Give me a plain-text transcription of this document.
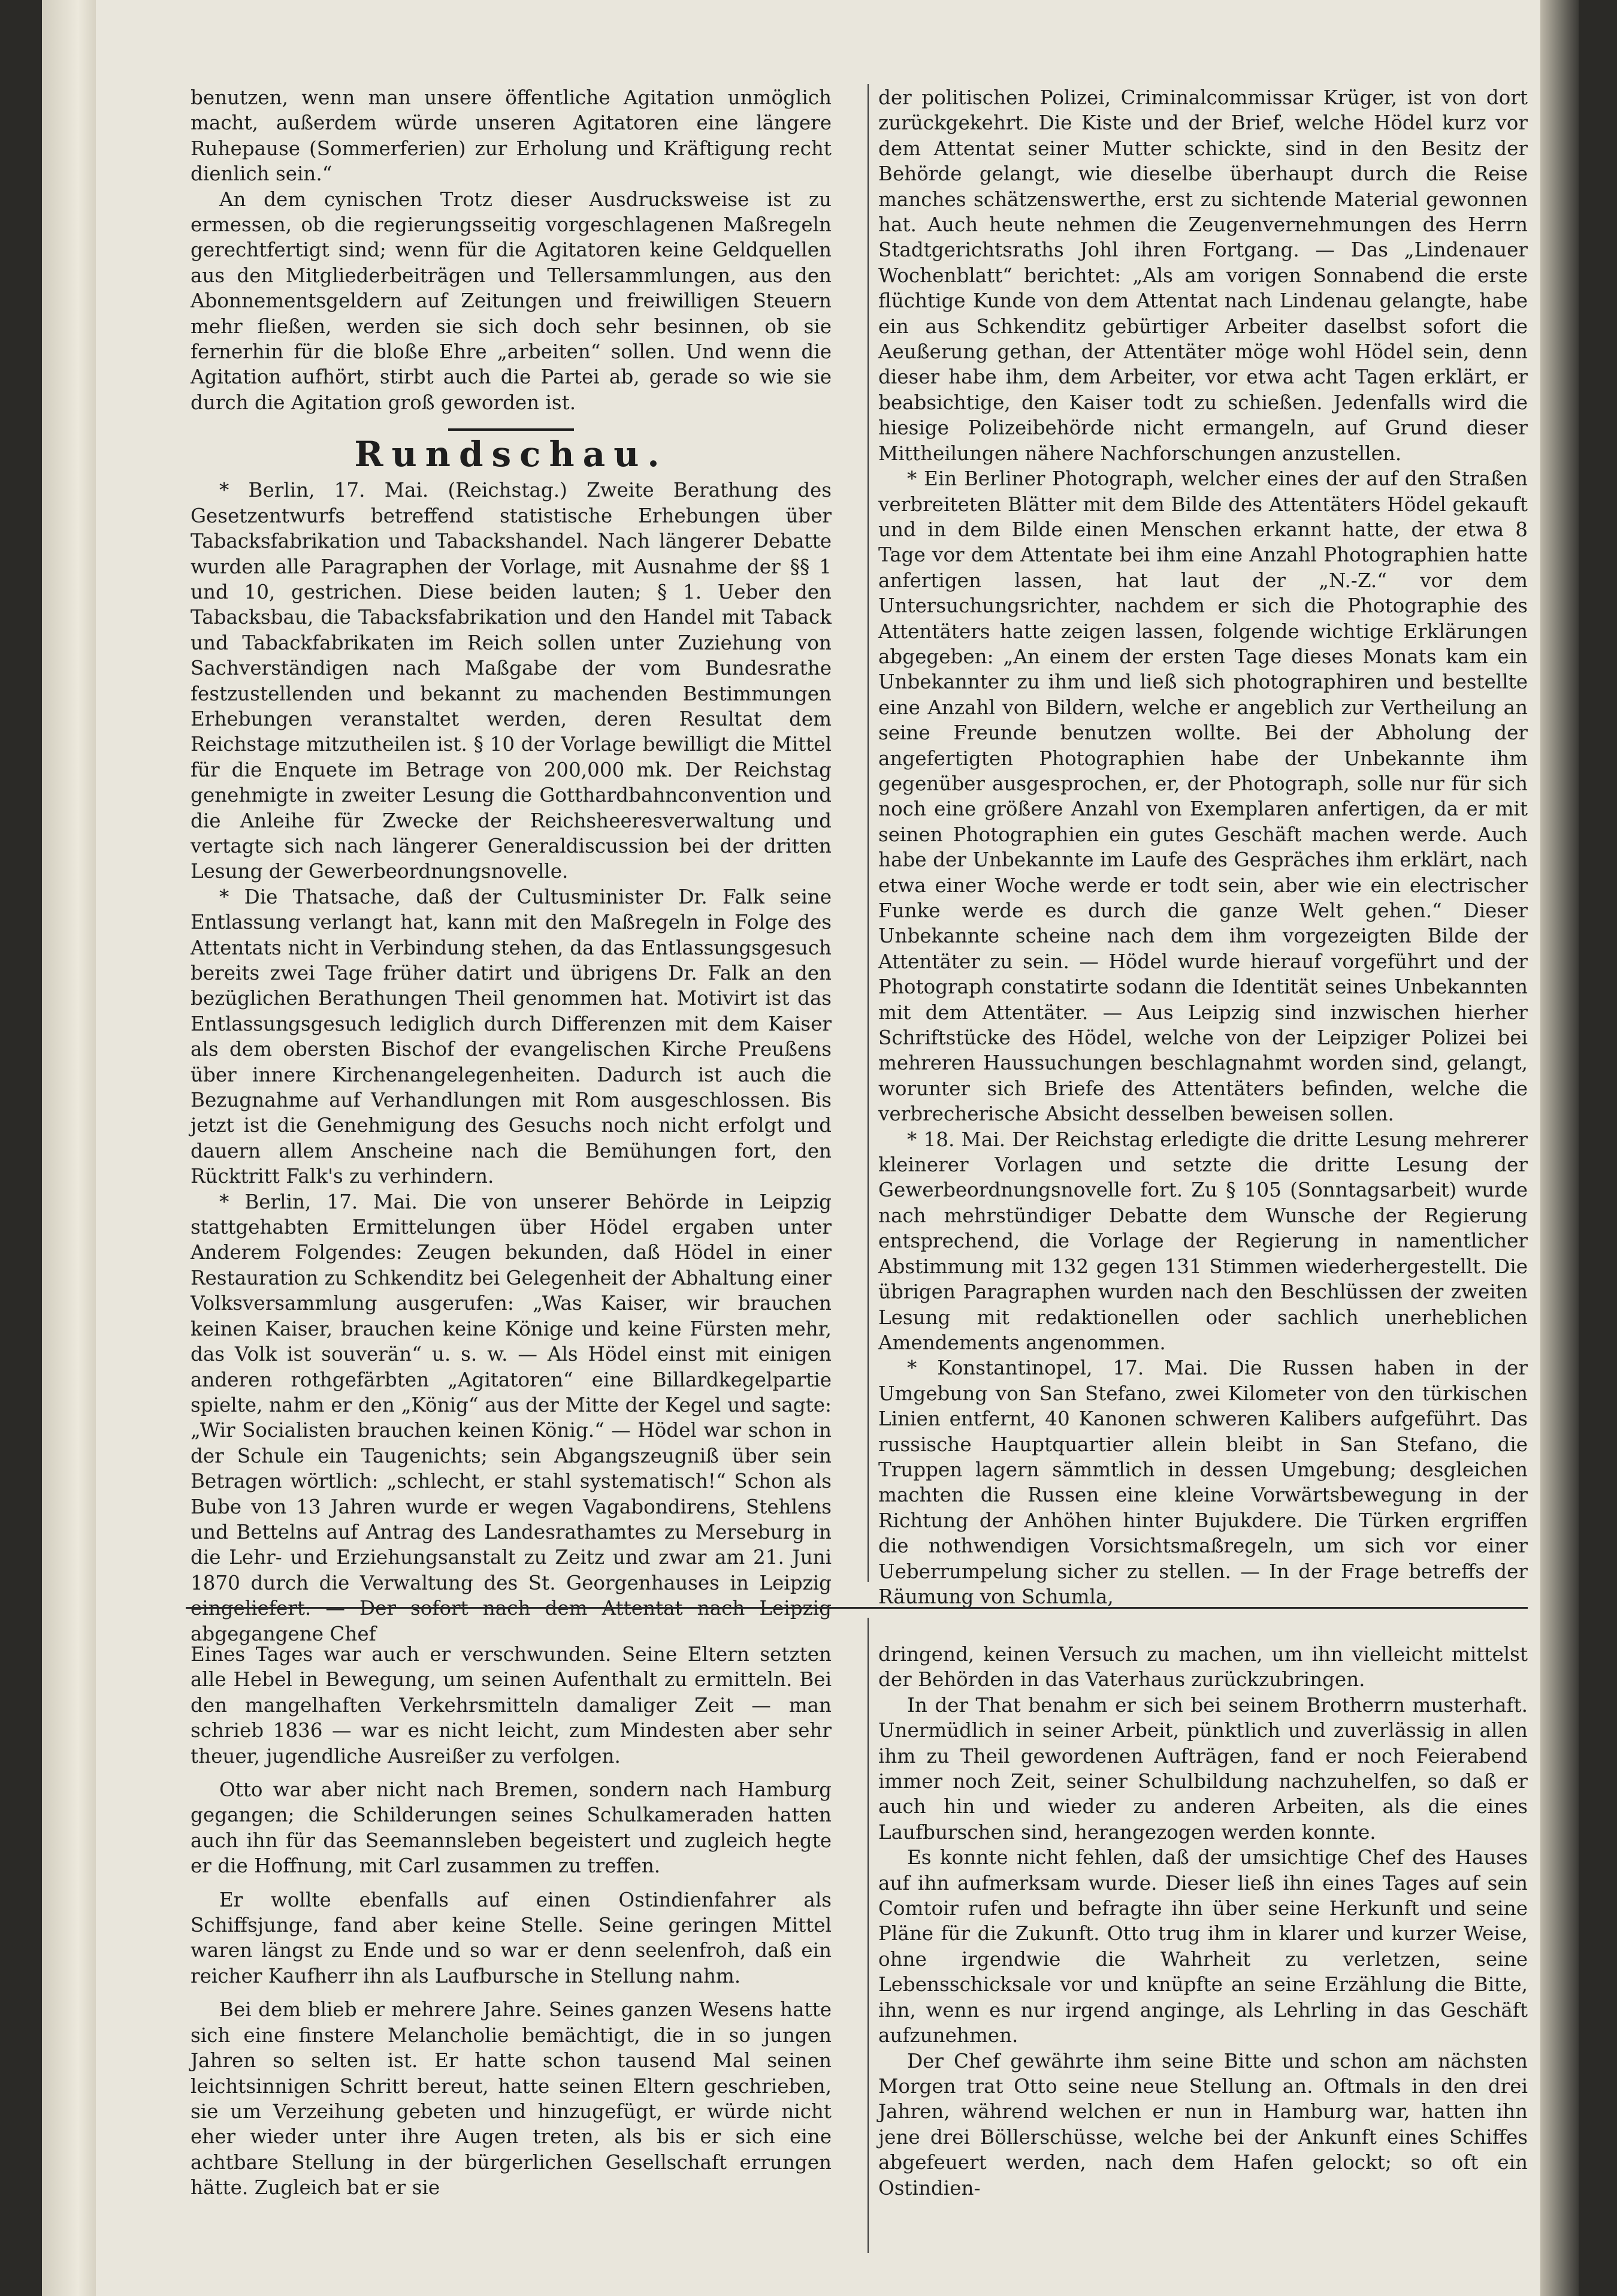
benutzen, wenn man unsere öffentliche Agitation unmöglich macht, außerdem würde unseren Agitatoren eine längere Ruhepause (Sommerferien) zur Erholung und Kräftigung recht dienlich sein.“

An dem cynischen Trotz dieser Ausdrucksweise ist zu ermessen, ob die regierungsseitig vorgeschlagenen Maßregeln gerechtfertigt sind; wenn für die Agitatoren keine Geldquellen aus den Mitgliederbeiträgen und Tellersammlungen, aus den Abonnementsgeldern auf Zeitungen und freiwilligen Steuern mehr fließen, werden sie sich doch sehr besinnen, ob sie fernerhin für die bloße Ehre „arbeiten“ sollen. Und wenn die Agitation aufhört, stirbt auch die Partei ab, gerade so wie sie durch die Agitation groß geworden ist.

Rundschau.

* Berlin, 17. Mai. (Reichstag.) Zweite Berathung des Gesetzentwurfs betreffend statistische Erhebungen über Tabacksfabrikation und Tabackshandel. Nach längerer Debatte wurden alle Paragraphen der Vorlage, mit Ausnahme der §§ 1 und 10, gestrichen. Diese beiden lauten; § 1. Ueber den Tabacksbau, die Tabacksfabrikation und den Handel mit Taback und Tabackfabrikaten im Reich sollen unter Zuziehung von Sachverständigen nach Maßgabe der vom Bundesrathe festzustellenden und bekannt zu machenden Bestimmungen Erhebungen veranstaltet werden, deren Resultat dem Reichstage mitzutheilen ist. § 10 der Vorlage bewilligt die Mittel für die Enquete im Betrage von 200,000 mk. Der Reichstag genehmigte in zweiter Lesung die Gotthardbahnconvention und die Anleihe für Zwecke der Reichsheeresverwaltung und vertagte sich nach längerer Generaldiscussion bei der dritten Lesung der Gewerbeordnungsnovelle.

* Die Thatsache, daß der Cultusminister Dr. Falk seine Entlassung verlangt hat, kann mit den Maßregeln in Folge des Attentats nicht in Verbindung stehen, da das Entlassungsgesuch bereits zwei Tage früher datirt und übrigens Dr. Falk an den bezüglichen Berathungen Theil genommen hat. Motivirt ist das Entlassungsgesuch lediglich durch Differenzen mit dem Kaiser als dem obersten Bischof der evangelischen Kirche Preußens über innere Kirchenangelegenheiten. Dadurch ist auch die Bezugnahme auf Verhandlungen mit Rom ausgeschlossen. Bis jetzt ist die Genehmigung des Gesuchs noch nicht erfolgt und dauern allem Anscheine nach die Bemühungen fort, den Rücktritt Falk's zu verhindern.

* Berlin, 17. Mai. Die von unserer Behörde in Leipzig stattgehabten Ermittelungen über Hödel ergaben unter Anderem Folgendes: Zeugen bekunden, daß Hödel in einer Restauration zu Schkenditz bei Gelegenheit der Abhaltung einer Volksversammlung ausgerufen: „Was Kaiser, wir brauchen keinen Kaiser, brauchen keine Könige und keine Fürsten mehr, das Volk ist souverän“ u. s. w. — Als Hödel einst mit einigen anderen rothgefärbten „Agitatoren“ eine Billardkegelpartie spielte, nahm er den „König“ aus der Mitte der Kegel und sagte: „Wir Socialisten brauchen keinen König.“ — Hödel war schon in der Schule ein Taugenichts; sein Abgangszeugniß über sein Betragen wörtlich: „schlecht, er stahl systematisch!“ Schon als Bube von 13 Jahren wurde er wegen Vagabondirens, Stehlens und Bettelns auf Antrag des Landesrathamtes zu Merseburg in die Lehr- und Erziehungsanstalt zu Zeitz und zwar am 21. Juni 1870 durch die Verwaltung des St. Georgenhauses in Leipzig eingeliefert. — Der sofort nach dem Attentat nach Leipzig abgegangene Chef

der politischen Polizei, Criminalcommissar Krüger, ist von dort zurückgekehrt. Die Kiste und der Brief, welche Hödel kurz vor dem Attentat seiner Mutter schickte, sind in den Besitz der Behörde gelangt, wie dieselbe überhaupt durch die Reise manches schätzenswerthe, erst zu sichtende Material gewonnen hat. Auch heute nehmen die Zeugenvernehmungen des Herrn Stadtgerichtsraths Johl ihren Fortgang. — Das „Lindenauer Wochenblatt“ berichtet: „Als am vorigen Sonnabend die erste flüchtige Kunde von dem Attentat nach Lindenau gelangte, habe ein aus Schkenditz gebürtiger Arbeiter daselbst sofort die Aeußerung gethan, der Attentäter möge wohl Hödel sein, denn dieser habe ihm, dem Arbeiter, vor etwa acht Tagen erklärt, er beabsichtige, den Kaiser todt zu schießen. Jedenfalls wird die hiesige Polizeibehörde nicht ermangeln, auf Grund dieser Mittheilungen nähere Nachforschungen anzustellen.

* Ein Berliner Photograph, welcher eines der auf den Straßen verbreiteten Blätter mit dem Bilde des Attentäters Hödel gekauft und in dem Bilde einen Menschen erkannt hatte, der etwa 8 Tage vor dem Attentate bei ihm eine Anzahl Photographien hatte anfertigen lassen, hat laut der „N.-Z.“ vor dem Untersuchungsrichter, nachdem er sich die Photographie des Attentäters hatte zeigen lassen, folgende wichtige Erklärungen abgegeben: „An einem der ersten Tage dieses Monats kam ein Unbekannter zu ihm und ließ sich photographiren und bestellte eine Anzahl von Bildern, welche er angeblich zur Vertheilung an seine Freunde benutzen wollte. Bei der Abholung der angefertigten Photographien habe der Unbekannte ihm gegenüber ausgesprochen, er, der Photograph, solle nur für sich noch eine größere Anzahl von Exemplaren anfertigen, da er mit seinen Photographien ein gutes Geschäft machen werde. Auch habe der Unbekannte im Laufe des Gespräches ihm erklärt, nach etwa einer Woche werde er todt sein, aber wie ein electrischer Funke werde es durch die ganze Welt gehen.“ Dieser Unbekannte scheine nach dem ihm vorgezeigten Bilde der Attentäter zu sein. — Hödel wurde hierauf vorgeführt und der Photograph constatirte sodann die Identität seines Unbekannten mit dem Attentäter. — Aus Leipzig sind inzwischen hierher Schriftstücke des Hödel, welche von der Leipziger Polizei bei mehreren Haussuchungen beschlagnahmt worden sind, gelangt, worunter sich Briefe des Attentäters befinden, welche die verbrecherische Absicht desselben beweisen sollen.

* 18. Mai. Der Reichstag erledigte die dritte Lesung mehrerer kleinerer Vorlagen und setzte die dritte Lesung der Gewerbeordnungsnovelle fort. Zu § 105 (Sonntagsarbeit) wurde nach mehrstündiger Debatte dem Wunsche der Regierung entsprechend, die Vorlage der Regierung in namentlicher Abstimmung mit 132 gegen 131 Stimmen wiederhergestellt. Die übrigen Paragraphen wurden nach den Beschlüssen der zweiten Lesung mit redaktionellen oder sachlich unerheblichen Amendements angenommen.

* Konstantinopel, 17. Mai. Die Russen haben in der Umgebung von San Stefano, zwei Kilometer von den türkischen Linien entfernt, 40 Kanonen schweren Kalibers aufgeführt. Das russische Hauptquartier allein bleibt in San Stefano, die Truppen lagern sämmtlich in dessen Umgebung; desgleichen machten die Russen eine kleine Vorwärtsbewegung in der Richtung der Anhöhen hinter Bujukdere. Die Türken ergriffen die nothwendigen Vorsichtsmaßregeln, um sich vor einer Ueberrumpelung sicher zu stellen. — In der Frage betreffs der Räumung von Schumla,

Eines Tages war auch er verschwunden. Seine Eltern setzten alle Hebel in Bewegung, um seinen Aufenthalt zu ermitteln. Bei den mangelhaften Verkehrsmitteln damaliger Zeit — man schrieb 1836 — war es nicht leicht, zum Mindesten aber sehr theuer, jugendliche Ausreißer zu verfolgen.

Otto war aber nicht nach Bremen, sondern nach Hamburg gegangen; die Schilderungen seines Schulkameraden hatten auch ihn für das Seemannsleben begeistert und zugleich hegte er die Hoffnung, mit Carl zusammen zu treffen.

Er wollte ebenfalls auf einen Ostindienfahrer als Schiffsjunge, fand aber keine Stelle. Seine geringen Mittel waren längst zu Ende und so war er denn seelenfroh, daß ein reicher Kaufherr ihn als Laufbursche in Stellung nahm.

Bei dem blieb er mehrere Jahre. Seines ganzen Wesens hatte sich eine finstere Melancholie bemächtigt, die in so jungen Jahren so selten ist. Er hatte schon tausend Mal seinen leichtsinnigen Schritt bereut, hatte seinen Eltern geschrieben, sie um Verzeihung gebeten und hinzugefügt, er würde nicht eher wieder unter ihre Augen treten, als bis er sich eine achtbare Stellung in der bürgerlichen Gesellschaft errungen hätte. Zugleich bat er sie

dringend, keinen Versuch zu machen, um ihn vielleicht mittelst der Behörden in das Vaterhaus zurückzubringen.

In der That benahm er sich bei seinem Brotherrn musterhaft. Unermüdlich in seiner Arbeit, pünktlich und zuverlässig in allen ihm zu Theil gewordenen Aufträgen, fand er noch Feierabend immer noch Zeit, seiner Schulbildung nachzuhelfen, so daß er auch hin und wieder zu anderen Arbeiten, als die eines Laufburschen sind, herangezogen werden konnte.

Es konnte nicht fehlen, daß der umsichtige Chef des Hauses auf ihn aufmerksam wurde. Dieser ließ ihn eines Tages auf sein Comtoir rufen und befragte ihn über seine Herkunft und seine Pläne für die Zukunft. Otto trug ihm in klarer und kurzer Weise, ohne irgendwie die Wahrheit zu verletzen, seine Lebensschicksale vor und knüpfte an seine Erzählung die Bitte, ihn, wenn es nur irgend anginge, als Lehrling in das Geschäft aufzunehmen.

Der Chef gewährte ihm seine Bitte und schon am nächsten Morgen trat Otto seine neue Stellung an. Oftmals in den drei Jahren, während welchen er nun in Hamburg war, hatten ihn jene drei Böllerschüsse, welche bei der Ankunft eines Schiffes abgefeuert werden, nach dem Hafen gelockt; so oft ein Ostindien-
